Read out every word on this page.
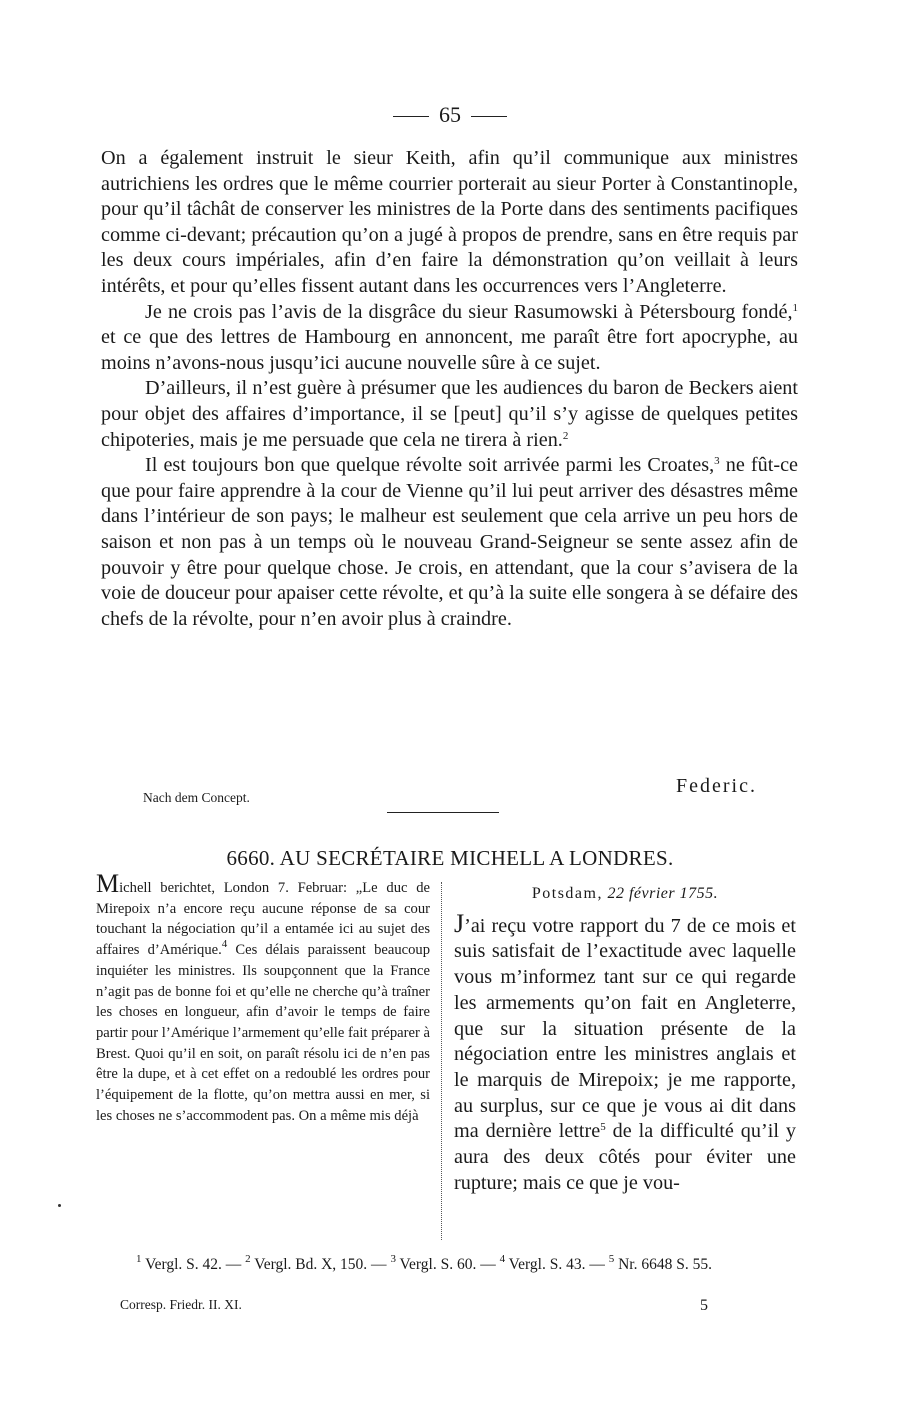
65

On a également instruit le sieur Keith, afin qu’il communique aux ministres autrichiens les ordres que le même courrier porterait au sieur Porter à Constantinople, pour qu’il tâchât de conserver les ministres de la Porte dans des sentiments pacifiques comme ci-devant; précaution qu’on a jugé à propos de prendre, sans en être requis par les deux cours impériales, afin d’en faire la démonstration qu’on veillait à leurs intérêts, et pour qu’elles fissent autant dans les occurrences vers l’Angleterre.

Je ne crois pas l’avis de la disgrâce du sieur Rasumowski à Pétersbourg fondé,$^1$ et ce que des lettres de Hambourg en annoncent, me paraît être fort apocryphe, au moins n’avons-nous jusqu’ici aucune nouvelle sûre à ce sujet.

D’ailleurs, il n’est guère à présumer que les audiences du baron de Beckers aient pour objet des affaires d’importance, il se [peut] qu’il s’y agisse de quelques petites chipoteries, mais je me persuade que cela ne tirera à rien.$^2$

Il est toujours bon que quelque révolte soit arrivée parmi les Croates,$^3$ ne fût-ce que pour faire apprendre à la cour de Vienne qu’il lui peut arriver des désastres même dans l’intérieur de son pays; le malheur est seulement que cela arrive un peu hors de saison et non pas à un temps où le nouveau Grand-Seigneur se sente assez afin de pouvoir y être pour quelque chose. Je crois, en attendant, que la cour s’avisera de la voie de douceur pour apaiser cette révolte, et qu’à la suite elle songera à se défaire des chefs de la révolte, pour n’en avoir plus à craindre.

Nach dem Concept.
Federic.
6660. AU SECRÉTAIRE MICHELL A LONDRES.
Michell berichtet, London 7. Februar: „Le duc de Mirepoix n’a encore reçu aucune réponse de sa cour touchant la négociation qu’il a entamée ici au sujet des affaires d’Amérique.$^4$ Ces délais paraissent beaucoup inquiéter les ministres. Ils soupçonnent que la France n’agit pas de bonne foi et qu’elle ne cherche qu’à traîner les choses en longueur, afin d’avoir le temps de faire partir pour l’Amérique l’armement qu’elle fait préparer à Brest. Quoi qu’il en soit, on paraît résolu ici de n’en pas être la dupe, et à cet effet on a redoublé les ordres pour l’équipement de la flotte, qu’on mettra aussi en mer, si les choses ne s’accommodent pas. On a même mis déjà
Potsdam, 22 février 1755.
J’ai reçu votre rapport du 7 de ce mois et suis satisfait de l’exactitude avec laquelle vous m’informez tant sur ce qui regarde les armements qu’on fait en Angleterre, que sur la situation présente de la négociation entre les ministres anglais et le marquis de Mirepoix; je me rapporte, au surplus, sur ce que je vous ai dit dans ma dernière lettre$^5$ de la difficulté qu’il y aura des deux côtés pour éviter une rupture; mais ce que je vou-

$^1$ Vergl. S. 42. — $^2$ Vergl. Bd. X, 150. — $^3$ Vergl. S. 60. — $^4$ Vergl. S. 43. — $^5$ Nr. 6648 S. 55.

Corresp. Friedr. II. XI.	5
